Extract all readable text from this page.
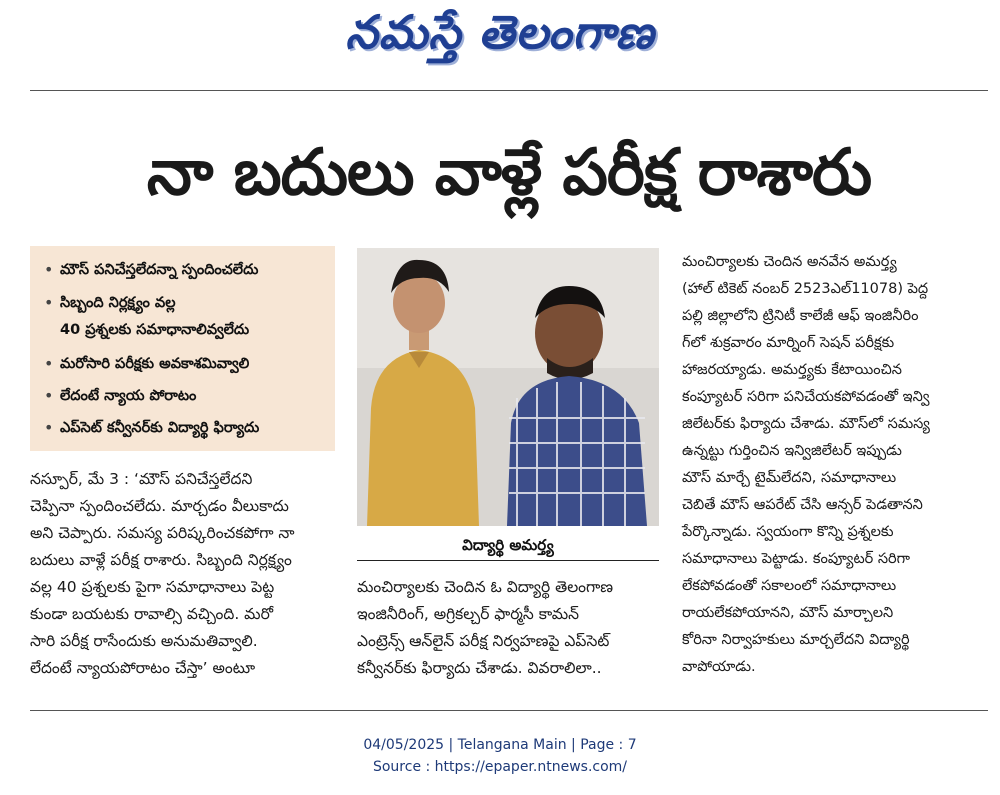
నమస్తే తెలంగాణ
నా బదులు వాళ్లే పరీక్ష రాశారు
• మౌస్‌ పనిచేస్తలేదన్నా స్పందించలేదు
• సిబ్బంది నిర్లక్ష్యం వల్ల
40 ప్రశ్నలకు సమాధానాలివ్వలేదు
• మరోసారి పరీక్షకు అవకాశమివ్వాలి
• లేదంటే న్యాయ పోరాటం
• ఎప్‌సెట్‌ కన్వీనర్‌కు విద్యార్థి ఫిర్యాదు
నస్పూర్‌, మే 3 : ‘మౌస్‌ పనిచేస్తలేదని
చెప్పినా స్పందించలేదు. మార్చడం వీలుకాదు
అని చెప్పారు. సమస్య పరిష్కరించకపోగా నా
బదులు వాళ్లే పరీక్ష రాశారు. సిబ్బంది నిర్లక్ష్యం
వల్ల 40 ప్రశ్నలకు పైగా సమాధానాలు పెట్ట
కుండా బయటకు రావాల్సి వచ్చింది. మరో
సారి పరీక్ష రాసేందుకు అనుమతివ్వాలి.
లేదంటే న్యాయపోరాటం చేస్తా’ అంటూ
విద్యార్థి అమర్త్య
మంచిర్యాలకు చెందిన ఓ విద్యార్థి తెలంగాణ
ఇంజినీరింగ్‌, అగ్రికల్చర్‌ ఫార్మసీ కామన్‌
ఎంట్రెన్స్‌ ఆన్‌లైన్‌ పరీక్ష నిర్వహణపై ఎప్‌సెట్‌
కన్వీనర్‌కు ఫిర్యాదు చేశాడు. వివరాలిలా..
మంచిర్యాలకు చెందిన అనవేన అమర్త్య
(హాల్‌ టికెట్‌ నంబర్‌ 2523ఎల్‌11078) పెద్ద
పల్లి జిల్లాలోని ట్రినిటీ కాలేజీ ఆఫ్‌ ఇంజినీరిం
గ్‌లో శుక్రవారం మార్నింగ్‌ సెషన్‌ పరీక్షకు
హాజరయ్యాడు. అమర్త్యకు కేటాయించిన
కంప్యూటర్‌ సరిగా పనిచేయకపోవడంతో ఇన్వి
జిలేటర్‌కు ఫిర్యాదు చేశాడు. మౌస్‌లో సమస్య
ఉన్నట్టు గుర్తించిన ఇన్విజిలేటర్‌ ఇప్పుడు
మౌస్‌ మార్చే టైమ్‌లేదని, సమాధానాలు
చెబితే మౌస్‌ ఆపరేట్‌ చేసి ఆన్సర్‌ పెడతానని
పేర్కొన్నాడు. స్వయంగా కొన్ని ప్రశ్నలకు
సమాధానాలు పెట్టాడు. కంప్యూటర్‌ సరిగా
లేకపోవడంతో సకాలంలో సమాధానాలు
రాయలేకపోయానని, మౌస్‌ మార్చాలని
కోరినా నిర్వాహకులు మార్చలేదని విద్యార్థి
వాపోయాడు.
04/05/2025 | Telangana Main | Page : 7
Source : https://epaper.ntnews.com/
